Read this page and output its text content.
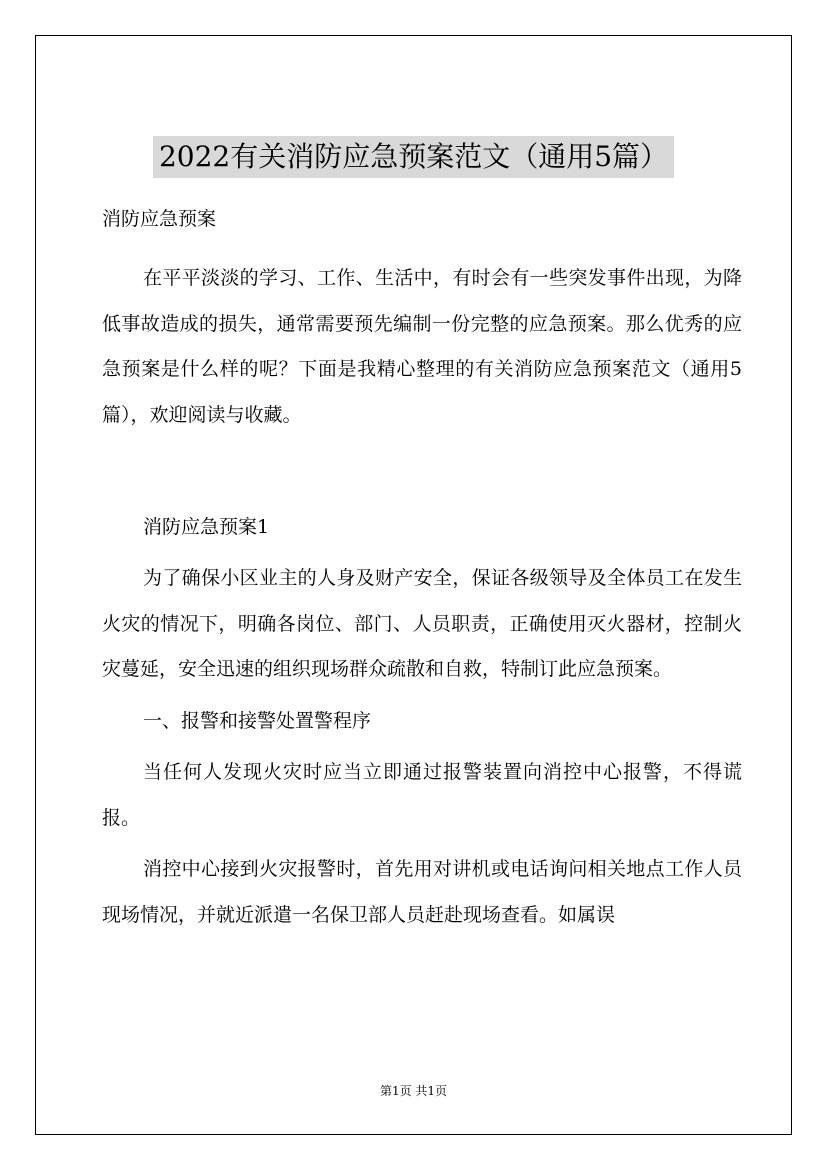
2022有关消防应急预案范文（通用5篇）

消防应急预案

在平平淡淡的学习、工作、生活中，有时会有一些突发事件出现，为降低事故造成的损失，通常需要预先编制一份完整的应急预案。那么优秀的应急预案是什么样的呢？下面是我精心整理的有关消防应急预案范文（通用5篇），欢迎阅读与收藏。

消防应急预案1

为了确保小区业主的人身及财产安全，保证各级领导及全体员工在发生火灾的情况下，明确各岗位、部门、人员职责，正确使用灭火器材，控制火灾蔓延，安全迅速的组织现场群众疏散和自救，特制订此应急预案。

一、报警和接警处置警程序

当任何人发现火灾时应当立即通过报警装置向消控中心报警，不得谎报。

消控中心接到火灾报警时，首先用对讲机或电话询问相关地点工作人员现场情况，并就近派遣一名保卫部人员赶赴现场查看。如属误

第1页 共1页
